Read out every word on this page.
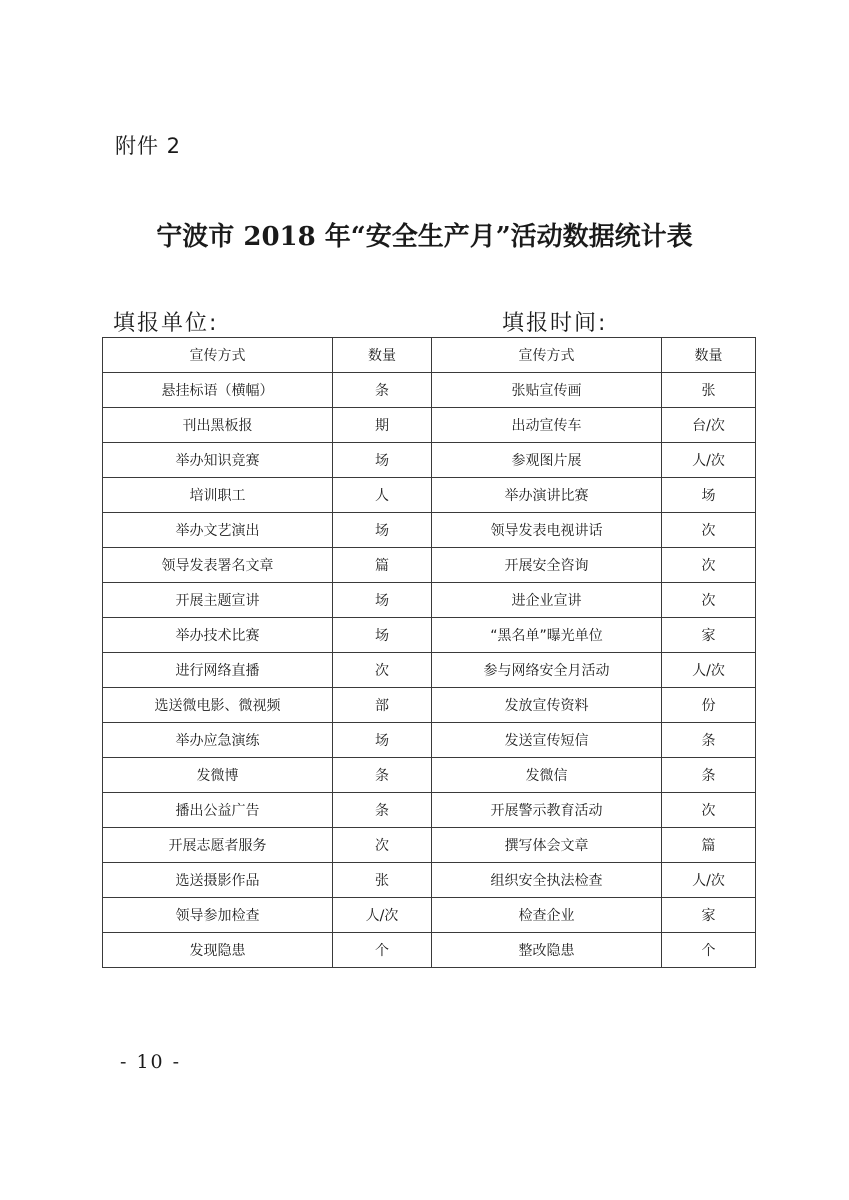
附件 2
宁波市 2018 年“安全生产月”活动数据统计表
填报单位:	填报时间:
宣传方式	数量	宣传方式	数量
悬挂标语（横幅）	条	张贴宣传画	张
刊出黑板报	期	出动宣传车	台/次
举办知识竞赛	场	参观图片展	人/次
培训职工	人	举办演讲比赛	场
举办文艺演出	场	领导发表电视讲话	次
领导发表署名文章	篇	开展安全咨询	次
开展主题宣讲	场	进企业宣讲	次
举办技术比赛	场	“黑名单”曝光单位	家
进行网络直播	次	参与网络安全月活动	人/次
选送微电影、微视频	部	发放宣传资料	份
举办应急演练	场	发送宣传短信	条
发微博	条	发微信	条
播出公益广告	条	开展警示教育活动	次
开展志愿者服务	次	撰写体会文章	篇
选送摄影作品	张	组织安全执法检查	人/次
领导参加检查	人/次	检查企业	家
发现隐患	个	整改隐患	个
- 10 -
